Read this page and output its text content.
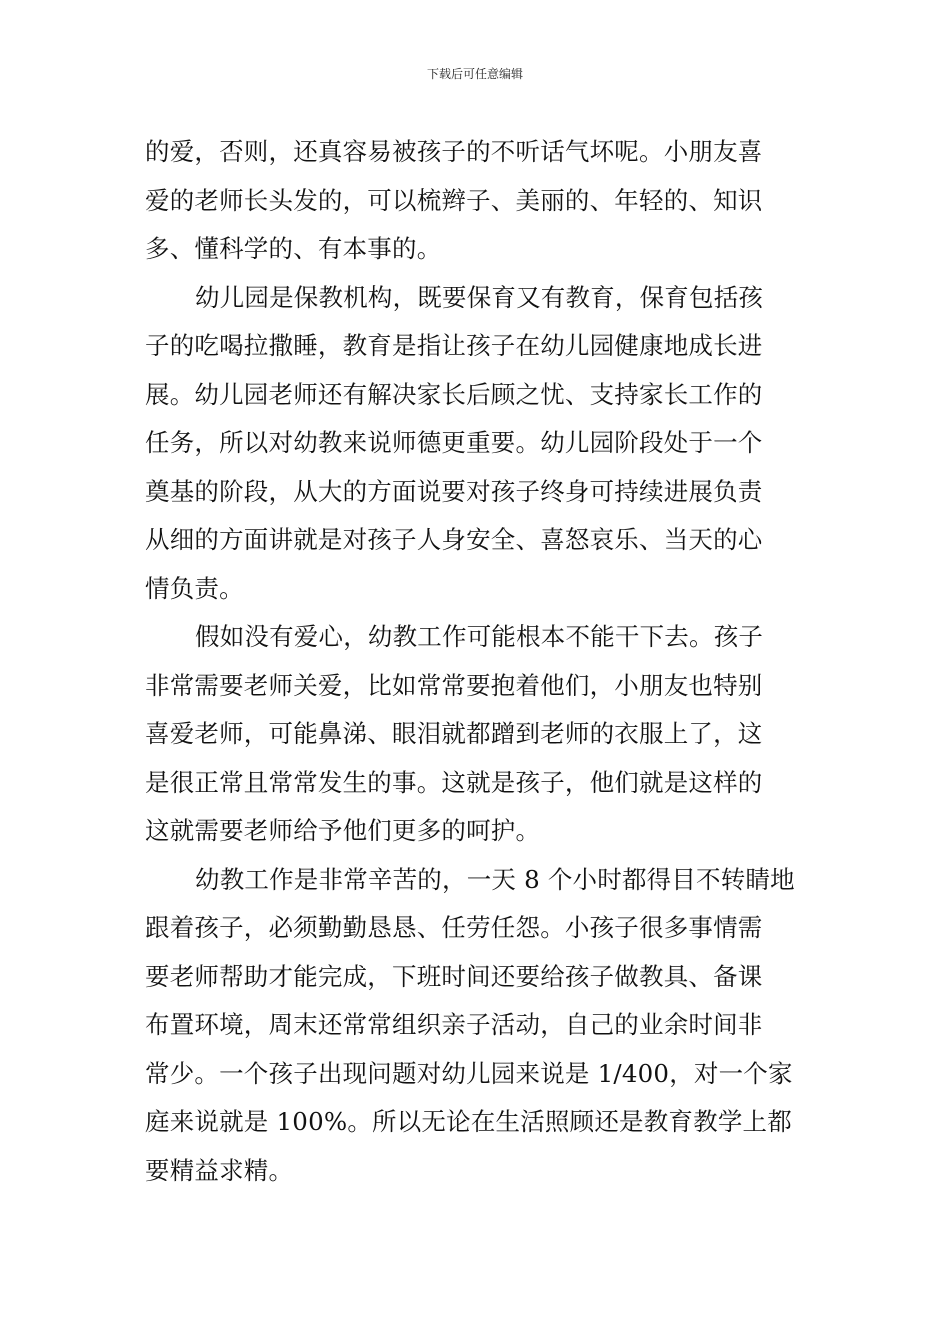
下载后可任意编辑

的爱，否则，还真容易被孩子的不听话气坏呢。小朋友喜
爱的老师长头发的，可以梳辫子、美丽的、年轻的、知识
多、懂科学的、有本事的。

幼儿园是保教机构，既要保育又有教育，保育包括孩
子的吃喝拉撒睡，教育是指让孩子在幼儿园健康地成长进
展。幼儿园老师还有解决家长后顾之忧、支持家长工作的
任务，所以对幼教来说师德更重要。幼儿园阶段处于一个
奠基的阶段，从大的方面说要对孩子终身可持续进展负责
从细的方面讲就是对孩子人身安全、喜怒哀乐、当天的心
情负责。

假如没有爱心，幼教工作可能根本不能干下去。孩子
非常需要老师关爱，比如常常要抱着他们，小朋友也特别
喜爱老师，可能鼻涕、眼泪就都蹭到老师的衣服上了，这
是很正常且常常发生的事。这就是孩子，他们就是这样的
这就需要老师给予他们更多的呵护。

幼教工作是非常辛苦的，一天 8 个小时都得目不转睛地
跟着孩子，必须勤勤恳恳、任劳任怨。小孩子很多事情需
要老师帮助才能完成，下班时间还要给孩子做教具、备课
布置环境，周末还常常组织亲子活动，自己的业余时间非
常少。一个孩子出现问题对幼儿园来说是 1/400，对一个家
庭来说就是 100%。所以无论在生活照顾还是教育教学上都
要精益求精。
